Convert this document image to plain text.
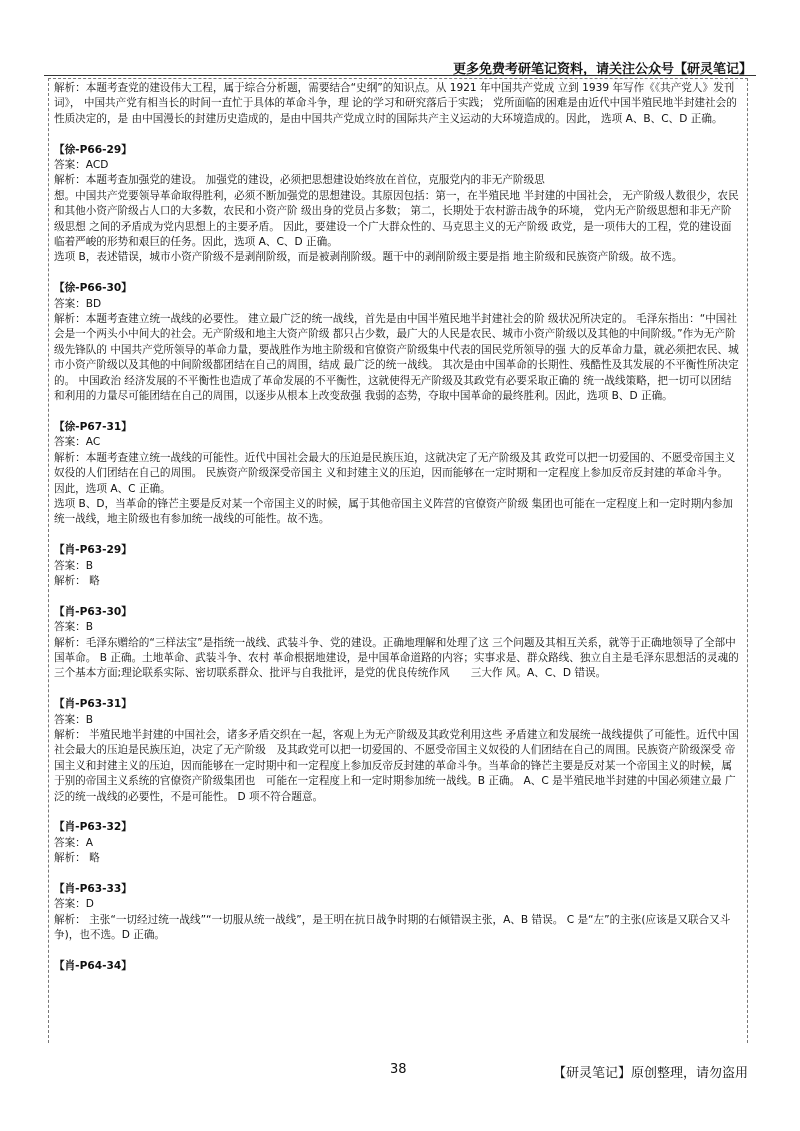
更多免费考研笔记资料，请关注公众号【研灵笔记】
研灵笔记

解析：本题考查党的建设伟大工程，属于综合分析题，需要结合“史纲”的知识点。从 1921 年中国共产党成 立到 1939 年写作《《共产党人》发刊词》， 中国共产党有相当长的时间一直忙于具体的革命斗争，理 论的学习和研究落后于实践； 党所面临的困难是由近代中国半殖民地半封建社会的性质决定的，是 由中国漫长的封建历史造成的，是由中国共产党成立时的国际共产主义运动的大环境造成的。因此， 选项 A、B、C、D 正确。

【徐-P66-29】

答案：ACD

解析：本题考查加强党的建设。 加强党的建设，必须把思想建设始终放在首位，克服党内的非无产阶级思

想。中国共产党要领导革命取得胜利，必须不断加强党的思想建设。其原因包括：第一，在半殖民地 半封建的中国社会， 无产阶级人数很少，农民和其他小资产阶级占人口的大多数，农民和小资产阶 级出身的党员占多数； 第二，长期处于农村游击战争的环境， 党内无产阶级思想和非无产阶级思想 之间的矛盾成为党内思想上的主要矛盾。 因此，要建设一个广大群众性的、马克思主义的无产阶级 政党，是一项伟大的工程，党的建设面临着严峻的形势和艰巨的任务。因此，选项 A、C、D 正确。

选项 B，表述错误，城市小资产阶级不是剥削阶级，而是被剥削阶级。题干中的剥削阶级主要是指 地主阶级和民族资产阶级。故不选。

【徐-P66-30】

答案：BD

解析：本题考查建立统一战线的必要性。 建立最广泛的统一战线，首先是由中国半殖民地半封建社会的阶 级状况所决定的。 毛泽东指出：“中国社会是一个两头小中间大的社会。无产阶级和地主大资产阶级 都只占少数，最广大的人民是农民、城市小资产阶级以及其他的中间阶级。”作为无产阶级先锋队的 中国共产党所领导的革命力量，要战胜作为地主阶级和官僚资产阶级集中代表的国民党所领导的强 大的反革命力量，就必须把农民、城市小资产阶级以及其他的中间阶级都团结在自己的周围，结成 最广泛的统一战线。 其次是由中国革命的长期性、残酷性及其发展的不平衡性所决定的。 中国政治 经济发展的不平衡性也造成了革命发展的不平衡性，这就使得无产阶级及其政党有必要采取正确的 统一战线策略，把一切可以团结和利用的力量尽可能团结在自己的周围，以逐步从根本上改变敌强 我弱的态势，夺取中国革命的最终胜利。因此，选项 B、D 正确。

【徐-P67-31】

答案：AC

解析：本题考查建立统一战线的可能性。近代中国社会最大的压迫是民族压迫，这就决定了无产阶级及其 政党可以把一切爱国的、不愿受帝国主义奴役的人们团结在自己的周围。 民族资产阶级深受帝国主 义和封建主义的压迫，因而能够在一定时期和一定程度上参加反帝反封建的革命斗争。 因此，选项 A、C 正确。

选项 B、D，当革命的锋芒主要是反对某一个帝国主义的时候，属于其他帝国主义阵营的官僚资产阶级 集团也可能在一定程度上和一定时期内参加统一战线，地主阶级也有参加统一战线的可能性。故不选。

【肖-P63-29】

答案：B

解析： 略

【肖-P63-30】

答案：B

解析：毛泽东赠给的“三样法宝”是指统一战线、武装斗争、党的建设。正确地理解和处理了这 三个问题及其相互关系，就等于正确地领导了全部中国革命。 B 正确。土地革命、武装斗争、农村 革命根据地建设，是中国革命道路的内容；实事求是、群众路线、独立自主是毛泽东思想活的灵魂的 三个基本方面;理论联系实际、密切联系群众、批评与自我批评，是党的优良传统作风　　三大作 风。A、C、D 错误。

【肖-P63-31】

答案：B

解析： 半殖民地半封建的中国社会，诸多矛盾交织在一起，客观上为无产阶级及其政党利用这些 矛盾建立和发展统一战线提供了可能性。近代中国社会最大的压迫是民族压迫，决定了无产阶级　及其政党可以把一切爱国的、不愿受帝国主义奴役的人们团结在自己的周围。民族资产阶级深受 帝国主义和封建主义的压迫，因而能够在一定时期中和一定程度上参加反帝反封建的革命斗争。当革命的锋芒主要是反对某一个帝国主义的时候，属于别的帝国主义系统的官僚资产阶级集团也　可能在一定程度上和一定时期参加统一战线。B 正确。 A、C 是半殖民地半封建的中国必须建立最 广泛的统一战线的必要性，不是可能性。 D 项不符合题意。

【肖-P63-32】

答案：A

解析： 略

【肖-P63-33】

答案：D

解析： 主张“一切经过统一战线”“一切服从统一战线”，是王明在抗日战争时期的右倾错误主张，A、B 错误。 C 是“左”的主张(应该是又联合又斗争)，也不选。D 正确。

【肖-P64-34】

38	【研灵笔记】原创整理，请勿盗用
